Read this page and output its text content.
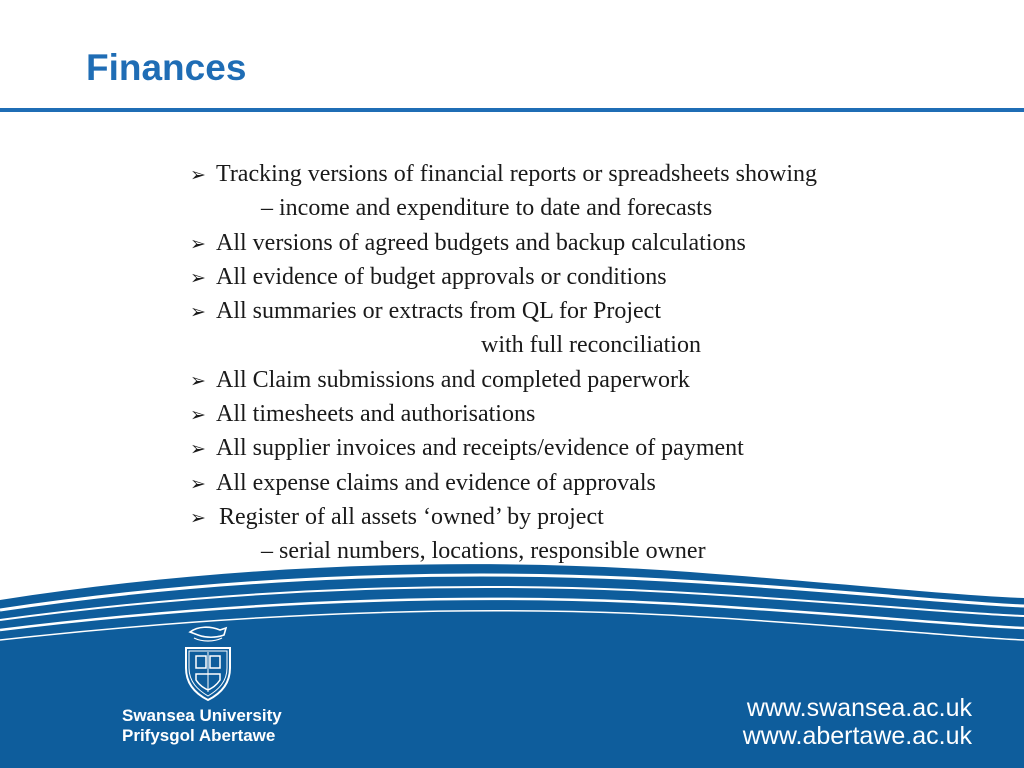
Finances
➢ Tracking versions of financial reports or spreadsheets showing
– income and expenditure to date and forecasts
➢ All versions of agreed budgets and backup calculations
➢ All evidence of budget approvals or conditions
➢ All summaries or extracts from QL for Project
with full reconciliation
➢ All Claim submissions and completed paperwork
➢ All timesheets and authorisations
➢ All supplier invoices and receipts/evidence of payment
➢ All expense claims and evidence of approvals
➢ Register of all assets ‘owned’ by project
– serial numbers, locations, responsible owner
Swansea University
Prifysgol Abertawe
www.swansea.ac.uk
www.abertawe.ac.uk
